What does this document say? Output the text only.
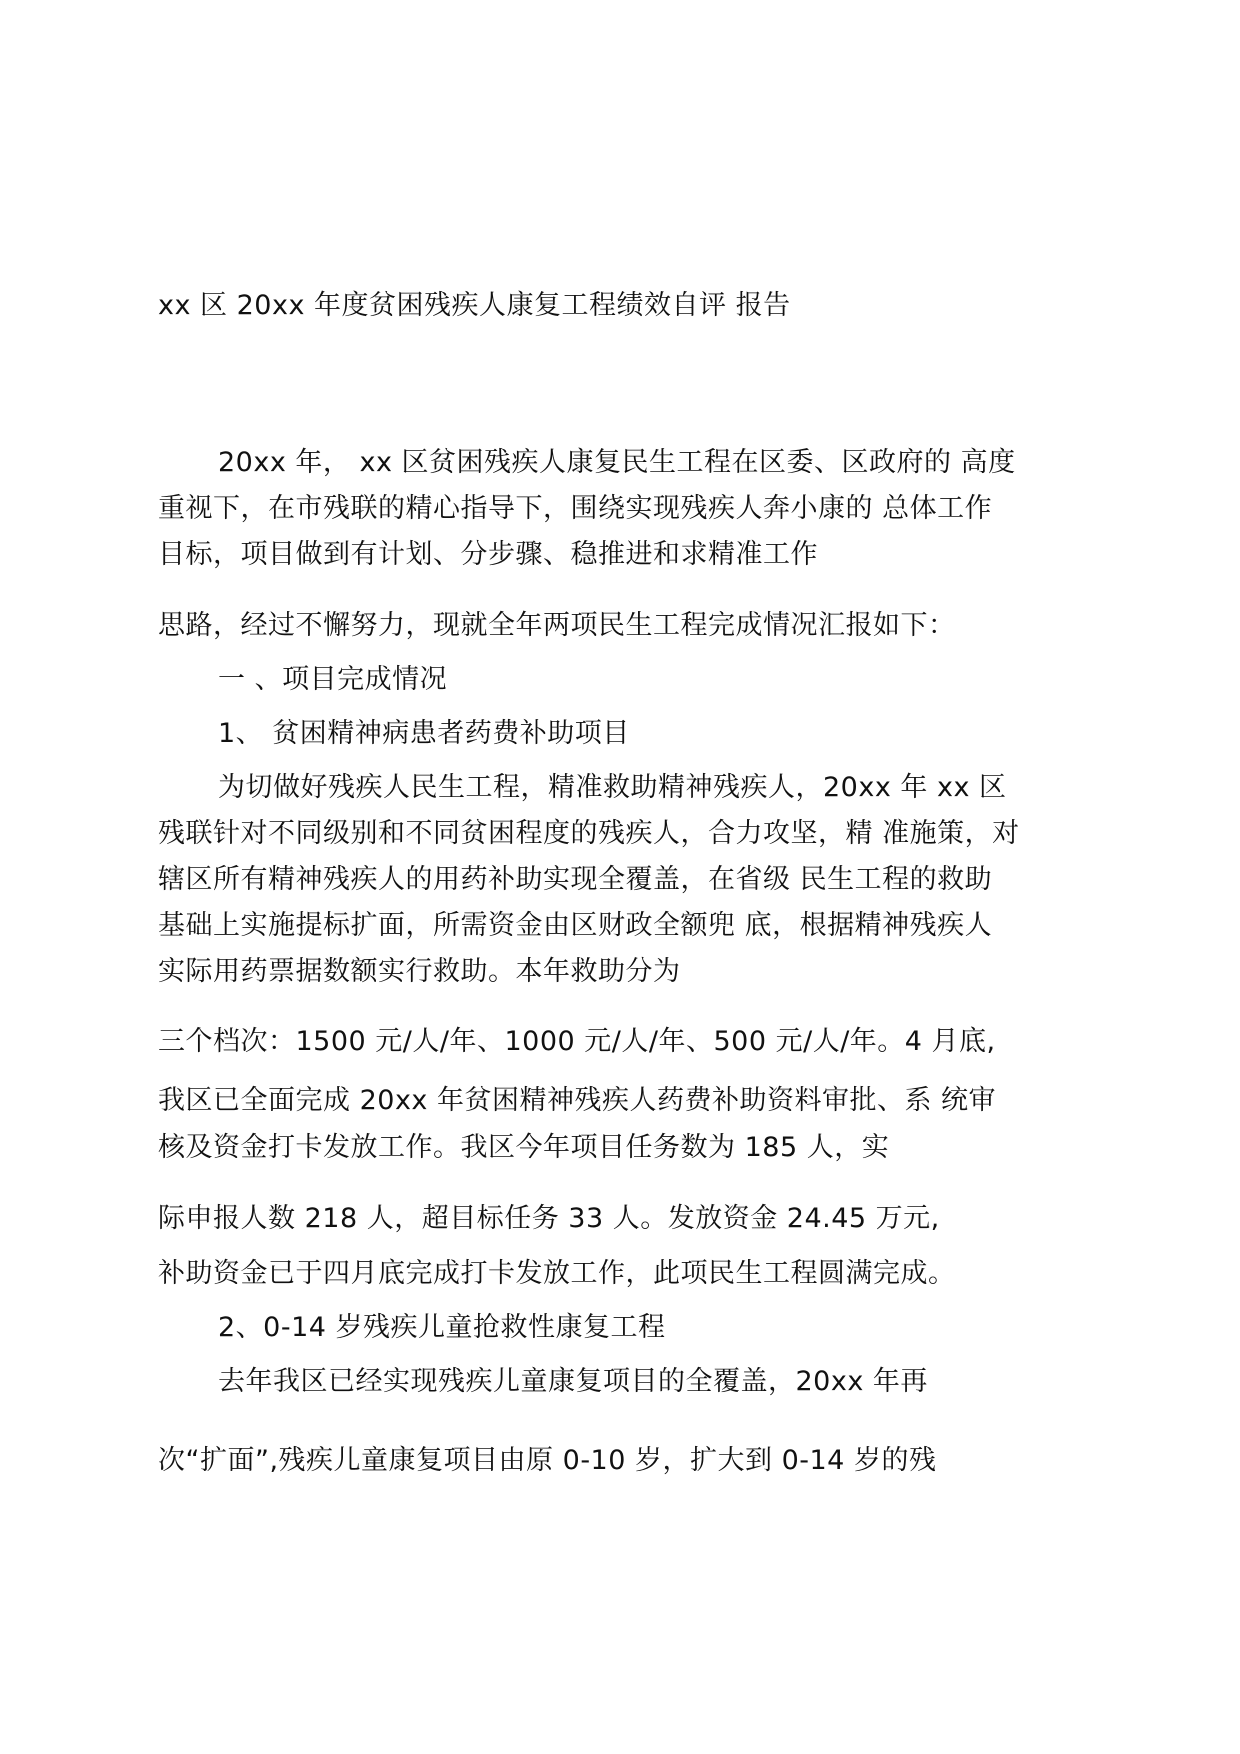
xx 区 20xx 年度贫困残疾人康复工程绩效自评 报告
20xx 年， xx 区贫困残疾人康复民生工程在区委、区政府的 高度
重视下，在市残联的精心指导下，围绕实现残疾人奔小康的 总体工作
目标，项目做到有计划、分步骤、稳推进和求精准工作
思路，经过不懈努力，现就全年两项民生工程完成情况汇报如下：
一 、项目完成情况
1、 贫困精神病患者药费补助项目
为切做好残疾人民生工程，精准救助精神残疾人，20xx 年 xx 区
残联针对不同级别和不同贫困程度的残疾人，合力攻坚，精 准施策，对
辖区所有精神残疾人的用药补助实现全覆盖，在省级 民生工程的救助
基础上实施提标扩面，所需资金由区财政全额兜 底，根据精神残疾人
实际用药票据数额实行救助。本年救助分为
三个档次：1500 元/人/年、1000 元/人/年、500 元/人/年。4 月底,
我区已全面完成 20xx 年贫困精神残疾人药费补助资料审批、系 统审
核及资金打卡发放工作。我区今年项目任务数为 185 人，实
际申报人数 218 人，超目标任务 33 人。发放资金 24.45 万元,
补助资金已于四月底完成打卡发放工作，此项民生工程圆满完成。
2、0-14 岁残疾儿童抢救性康复工程
去年我区已经实现残疾儿童康复项目的全覆盖，20xx 年再
次“扩面”,残疾儿童康复项目由原 0-10 岁，扩大到 0-14 岁的残
